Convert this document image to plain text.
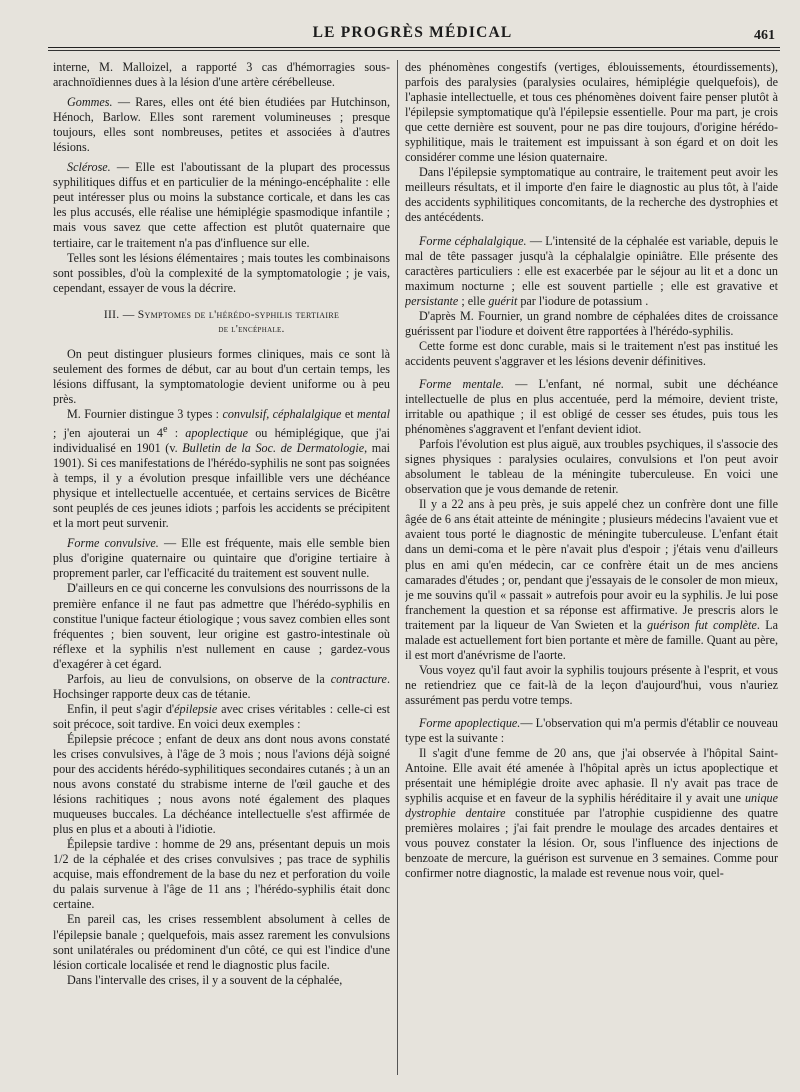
LE PROGRÈS MÉDICAL	461

interne, M. Malloizel, a rapporté 3 cas d'hémorragies sous-arachnoïdiennes dues à la lésion d'une artère cérébelleuse.

Gommes. — Rares, elles ont été bien étudiées par Hutchinson, Hénoch, Barlow. Elles sont rarement volumineuses ; presque toujours, elles sont nombreuses, petites et associées à d'autres lésions.

Sclérose. — Elle est l'aboutissant de la plupart des processus syphilitiques diffus et en particulier de la méningo-encéphalite : elle peut intéresser plus ou moins la substance corticale, et dans les cas les plus accusés, elle réalise une hémiplégie spasmodique infantile ; mais vous savez que cette affection est plutôt quaternaire que tertiaire, car le traitement n'a pas d'influence sur elle.

Telles sont les lésions élémentaires ; mais toutes les combinaisons sont possibles, d'où la complexité de la symptomatologie ; je vais, cependant, essayer de vous la décrire.

III. — Symptomes de l'hérédo-syphilis tertiaire
de l'encéphale.

On peut distinguer plusieurs formes cliniques, mais ce sont là seulement des formes de début, car au bout d'un certain temps, les lésions diffusant, la symptomatologie devient uniforme ou à peu près.

M. Fournier distingue 3 types : convulsif, céphalalgique et mental ; j'en ajouterai un 4e : apoplectique ou hémiplégique, que j'ai individualisé en 1901 (v. Bulletin de la Soc. de Dermatologie, mai 1901). Si ces manifestations de l'hérédo-syphilis ne sont pas soignées à temps, il y a évolution presque infaillible vers une déchéance physique et intellectuelle accentuée, et certains services de Bicêtre sont peuplés de ces jeunes idiots ; parfois les accidents se précipitent et la mort peut survenir.

Forme convulsive. — Elle est fréquente, mais elle semble bien plus d'origine quaternaire ou quintaire que d'origine tertiaire à proprement parler, car l'efficacité du traitement est souvent nulle.

D'ailleurs en ce qui concerne les convulsions des nourrissons de la première enfance il ne faut pas admettre que l'hérédo-syphilis en constitue l'unique facteur étiologique ; vous savez combien elles sont fréquentes ; bien souvent, leur origine est gastro-intestinale où réflexe et la syphilis n'est nullement en cause ; gardez-vous d'exagérer à cet égard.

Parfois, au lieu de convulsions, on observe de la contracture. Hochsinger rapporte deux cas de tétanie.

Enfin, il peut s'agir d'épilepsie avec crises véritables : celle-ci est soit précoce, soit tardive. En voici deux exemples :

Épilepsie précoce ; enfant de deux ans dont nous avons constaté les crises convulsives, à l'âge de 3 mois ; nous l'avions déjà soigné pour des accidents hérédo-syphilitiques secondaires cutanés ; à un an nous avons constaté du strabisme interne de l'œil gauche et des lésions rachitiques ; nous avons noté également des plaques muqueuses buccales. La déchéance intellectuelle s'est affirmée de plus en plus et a abouti à l'idiotie.

Épilepsie tardive : homme de 29 ans, présentant depuis un mois 1/2 de la céphalée et des crises convulsives ; pas trace de syphilis acquise, mais effondrement de la base du nez et perforation du voile du palais survenue à l'âge de 11 ans ; l'hérédo-syphilis était donc certaine.

En pareil cas, les crises ressemblent absolument à celles de l'épilepsie banale ; quelquefois, mais assez rarement les convulsions sont unilatérales ou prédominent d'un côté, ce qui est l'indice d'une lésion corticale localisée et rend le diagnostic plus facile.

Dans l'intervalle des crises, il y a souvent de la céphalée,

des phénomènes congestifs (vertiges, éblouissements, étourdissements), parfois des paralysies (paralysies oculaires, hémiplégie quelquefois), de l'aphasie intellectuelle, et tous ces phénomènes doivent faire penser plutôt à l'épilepsie symptomatique qu'à l'épilepsie essentielle. Pour ma part, je crois que cette dernière est souvent, pour ne pas dire toujours, d'origine hérédo-syphilitique, mais le traitement est impuissant à son égard et on doit les considérer comme une lésion quaternaire.

Dans l'épilepsie symptomatique au contraire, le traitement peut avoir les meilleurs résultats, et il importe d'en faire le diagnostic au plus tôt, à l'aide des accidents syphilitiques concomitants, de la recherche des dystrophies et des antécédents.

Forme céphalalgique. — L'intensité de la céphalée est variable, depuis le mal de tête passager jusqu'à la céphalalgie opiniâtre. Elle présente des caractères particuliers : elle est exacerbée par le séjour au lit et a donc un maximum nocturne ; elle est souvent partielle ; elle est gravative et persistante ; elle guérit par l'iodure de potassium .

D'après M. Fournier, un grand nombre de céphalées dites de croissance guérissent par l'iodure et doivent être rapportées à l'hérédo-syphilis.

Cette forme est donc curable, mais si le traitement n'est pas institué les accidents peuvent s'aggraver et les lésions devenir définitives.

Forme mentale. — L'enfant, né normal, subit une déchéance intellectuelle de plus en plus accentuée, perd la mémoire, devient triste, irritable ou apathique ; il est obligé de cesser ses études, puis tous les phénomènes s'aggravent et l'enfant devient idiot.

Parfois l'évolution est plus aiguë, aux troubles psychiques, il s'associe des signes physiques : paralysies oculaires, convulsions et l'on peut avoir absolument le tableau de la méningite tuberculeuse. En voici une observation que je vous demande de retenir.

Il y a 22 ans à peu près, je suis appelé chez un confrère dont une fille âgée de 6 ans était atteinte de méningite ; plusieurs médecins l'avaient vue et avaient tous porté le diagnostic de méningite tuberculeuse. L'enfant était dans un demi-coma et le père n'avait plus d'espoir ; j'étais venu d'ailleurs plus en ami qu'en médecin, car ce confrère était un de mes anciens camarades d'études ; or, pendant que j'essayais de le consoler de mon mieux, je me souvins qu'il « passait » autrefois pour avoir eu la syphilis. Je lui pose franchement la question et sa réponse est affirmative. Je prescris alors le traitement par la liqueur de Van Swieten et la guérison fut complète. La malade est actuellement fort bien portante et mère de famille. Quant au père, il est mort d'anévrisme de l'aorte.

Vous voyez qu'il faut avoir la syphilis toujours présente à l'esprit, et vous ne retiendriez que ce fait-là de la leçon d'aujourd'hui, vous n'auriez assurément pas perdu votre temps.

Forme apoplectique.— L'observation qui m'a permis d'établir ce nouveau type est la suivante :

Il s'agit d'une femme de 20 ans, que j'ai observée à l'hôpital Saint-Antoine. Elle avait été amenée à l'hôpital après un ictus apoplectique et présentait une hémiplégie droite avec aphasie. Il n'y avait pas trace de syphilis acquise et en faveur de la syphilis héréditaire il y avait une unique dystrophie dentaire constituée par l'atrophie cuspidienne des quatre premières molaires ; j'ai fait prendre le moulage des arcades dentaires et vous pouvez constater la lésion. Or, sous l'influence des injections de benzoate de mercure, la guérison est survenue en 3 semaines. Comme pour confirmer notre diagnostic, la malade est revenue nous voir, quel-
